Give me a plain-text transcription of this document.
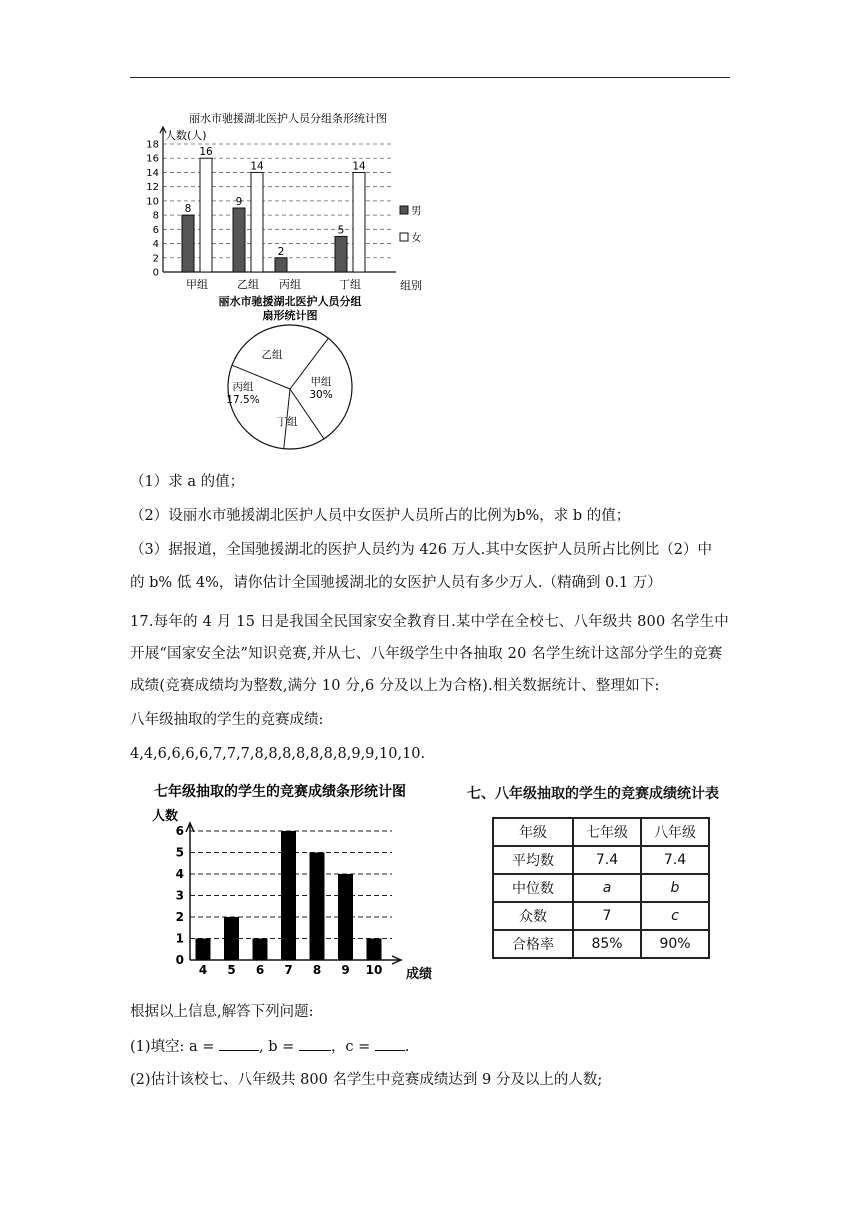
丽水市驰援湖北医护人员分组条形统计图
人数(人)
组别
0
2
4
6
8
10
12
14
16
18
甲组	乙组 丙组	丁组
8
16
9
14
2
5
14
男
女
丽水市驰援湖北医护人员分组
扇形统计图
甲组
30%
丁组
丙组
17.5%
乙组

（1）求 a 的值；

（2）设丽水市驰援湖北医护人员中女医护人员所占的比例为b%，求 b 的值；

（3）据报道，全国驰援湖北的医护人员约为 426 万人.其中女医护人员所占比例比（2）中

的 b% 低 4%，请你估计全国驰援湖北的女医护人员有多少万人.（精确到 0.1 万）

17.每年的 4 月 15 日是我国全民国家安全教育日.某中学在全校七、八年级共 800 名学生中开展“国家安全法”知识竞赛,并从七、八年级学生中各抽取 20 名学生统计这部分学生的竞赛成绩(竞赛成绩均为整数,满分 10 分,6 分及以上为合格).相关数据统计、整理如下:

八年级抽取的学生的竞赛成绩:

4,4,6,6,6,6,7,7,7,8,8,8,8,8,8,8,9,9,10,10.

七年级抽取的学生的竞赛成绩条形统计图
人数
成绩
0
1
2
3
4
5
6
4 5 6 7 8 9 10
七、八年级抽取的学生的竞赛成绩统计表
年级	七年级	八年级
平均数	7.4	7.4
中位数	a	b
众数	7	c
合格率	85%	90%

根据以上信息,解答下列问题:

(1)填空: a =	, b =	，c = .

(2)估计该校七、八年级共 800 名学生中竞赛成绩达到 9 分及以上的人数;
